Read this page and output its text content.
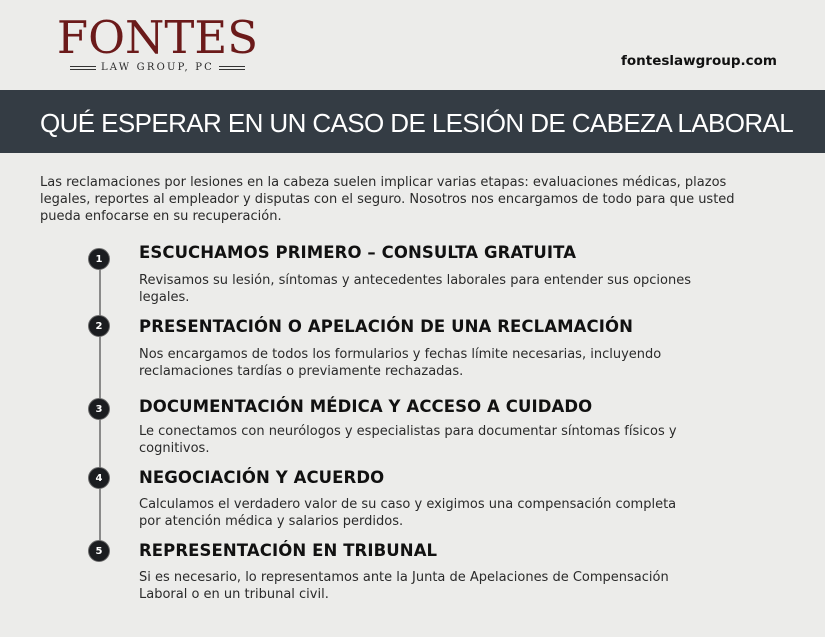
FONTES
LAW GROUP, PC	fonteslawgroup.com
QUÉ ESPERAR EN UN CASO DE LESIÓN DE CABEZA LABORAL
Las reclamaciones por lesiones en la cabeza suelen implicar varias etapas: evaluaciones médicas, plazos legales, reportes al empleador y disputas con el seguro. Nosotros nos encargamos de todo para que usted pueda enfocarse en su recuperación.
1	ESCUCHAMOS PRIMERO – CONSULTA GRATUITA
Revisamos su lesión, síntomas y antecedentes laborales para entender sus opciones legales.
2	PRESENTACIÓN O APELACIÓN DE UNA RECLAMACIÓN
Nos encargamos de todos los formularios y fechas límite necesarias, incluyendo reclamaciones tardías o previamente rechazadas.
3	DOCUMENTACIÓN MÉDICA Y ACCESO A CUIDADO
Le conectamos con neurólogos y especialistas para documentar síntomas físicos y cognitivos.
4	NEGOCIACIÓN Y ACUERDO
Calculamos el verdadero valor de su caso y exigimos una compensación completa por atención médica y salarios perdidos.
5	REPRESENTACIÓN EN TRIBUNAL
Si es necesario, lo representamos ante la Junta de Apelaciones de Compensación Laboral o en un tribunal civil.
